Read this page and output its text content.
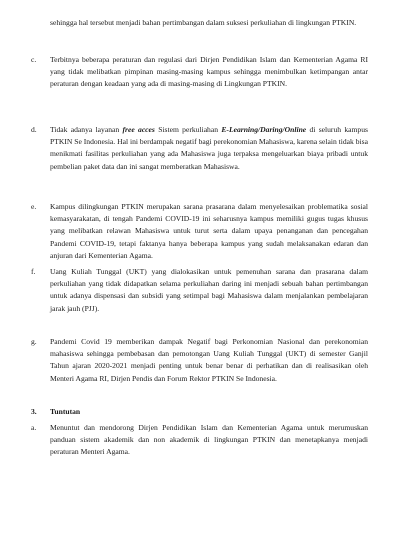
sehingga hal tersebut menjadi bahan pertimbangan dalam suksesi perkuliahan di lingkungan PTKIN.
c.	Terbitnya beberapa peraturan dan regulasi dari Dirjen Pendidikan Islam dan Kementerian Agama RI yang tidak melibatkan pimpinan masing-masing kampus sehingga menimbulkan ketimpangan antar peraturan dengan keadaan yang ada di masing-masing di Lingkungan PTKIN.
d.	Tidak adanya layanan free acces Sistem perkuliahan E-Learning/Daring/Online di seluruh kampus PTKIN Se Indonesia. Hal ini berdampak negatif bagi perekonomian Mahasiswa, karena selain tidak bisa menikmati fasilitas perkuliahan yang ada Mahasiswa juga terpaksa mengeluarkan biaya pribadi untuk pembelian paket data dan ini sangat memberatkan Mahasiswa.
e.	Kampus dilingkungan PTKIN merupakan sarana prasarana dalam menyelesaikan problematika sosial kemasyarakatan, di tengah Pandemi COVID-19 ini seharusnya kampus memiliki gugus tugas khusus yang melibatkan relawan Mahasiswa untuk turut serta dalam upaya penanganan dan pencegahan Pandemi COVID-19, tetapi faktanya hanya beberapa kampus yang sudah melaksanakan edaran dan anjuran dari Kementerian Agama.
f.	Uang Kuliah Tunggal (UKT) yang dialokasikan untuk pemenuhan sarana dan prasarana dalam perkuliahan yang tidak didapatkan selama perkuliahan daring ini menjadi sebuah bahan pertimbangan untuk adanya dispensasi dan subsidi yang setimpal bagi Mahasiswa dalam menjalankan pembelajaran jarak jauh (PJJ).
g.	Pandemi Covid 19 memberikan dampak Negatif bagi Perkonomian Nasional dan perekonomian mahasiswa sehingga pembebasan dan pemotongan Uang Kuliah Tunggal (UKT) di semester Ganjil Tahun ajaran 2020-2021 menjadi penting untuk benar benar di perhatikan dan di realisasikan oleh Menteri Agama RI, Dirjen Pendis dan Forum Rektor PTKIN Se Indonesia.
3. Tuntutan
a.	Menuntut dan mendorong Dirjen Pendidikan Islam dan Kementerian Agama untuk merumuskan panduan sistem akademik dan non akademik di lingkungan PTKIN dan menetapkanya menjadi peraturan Menteri Agama.
